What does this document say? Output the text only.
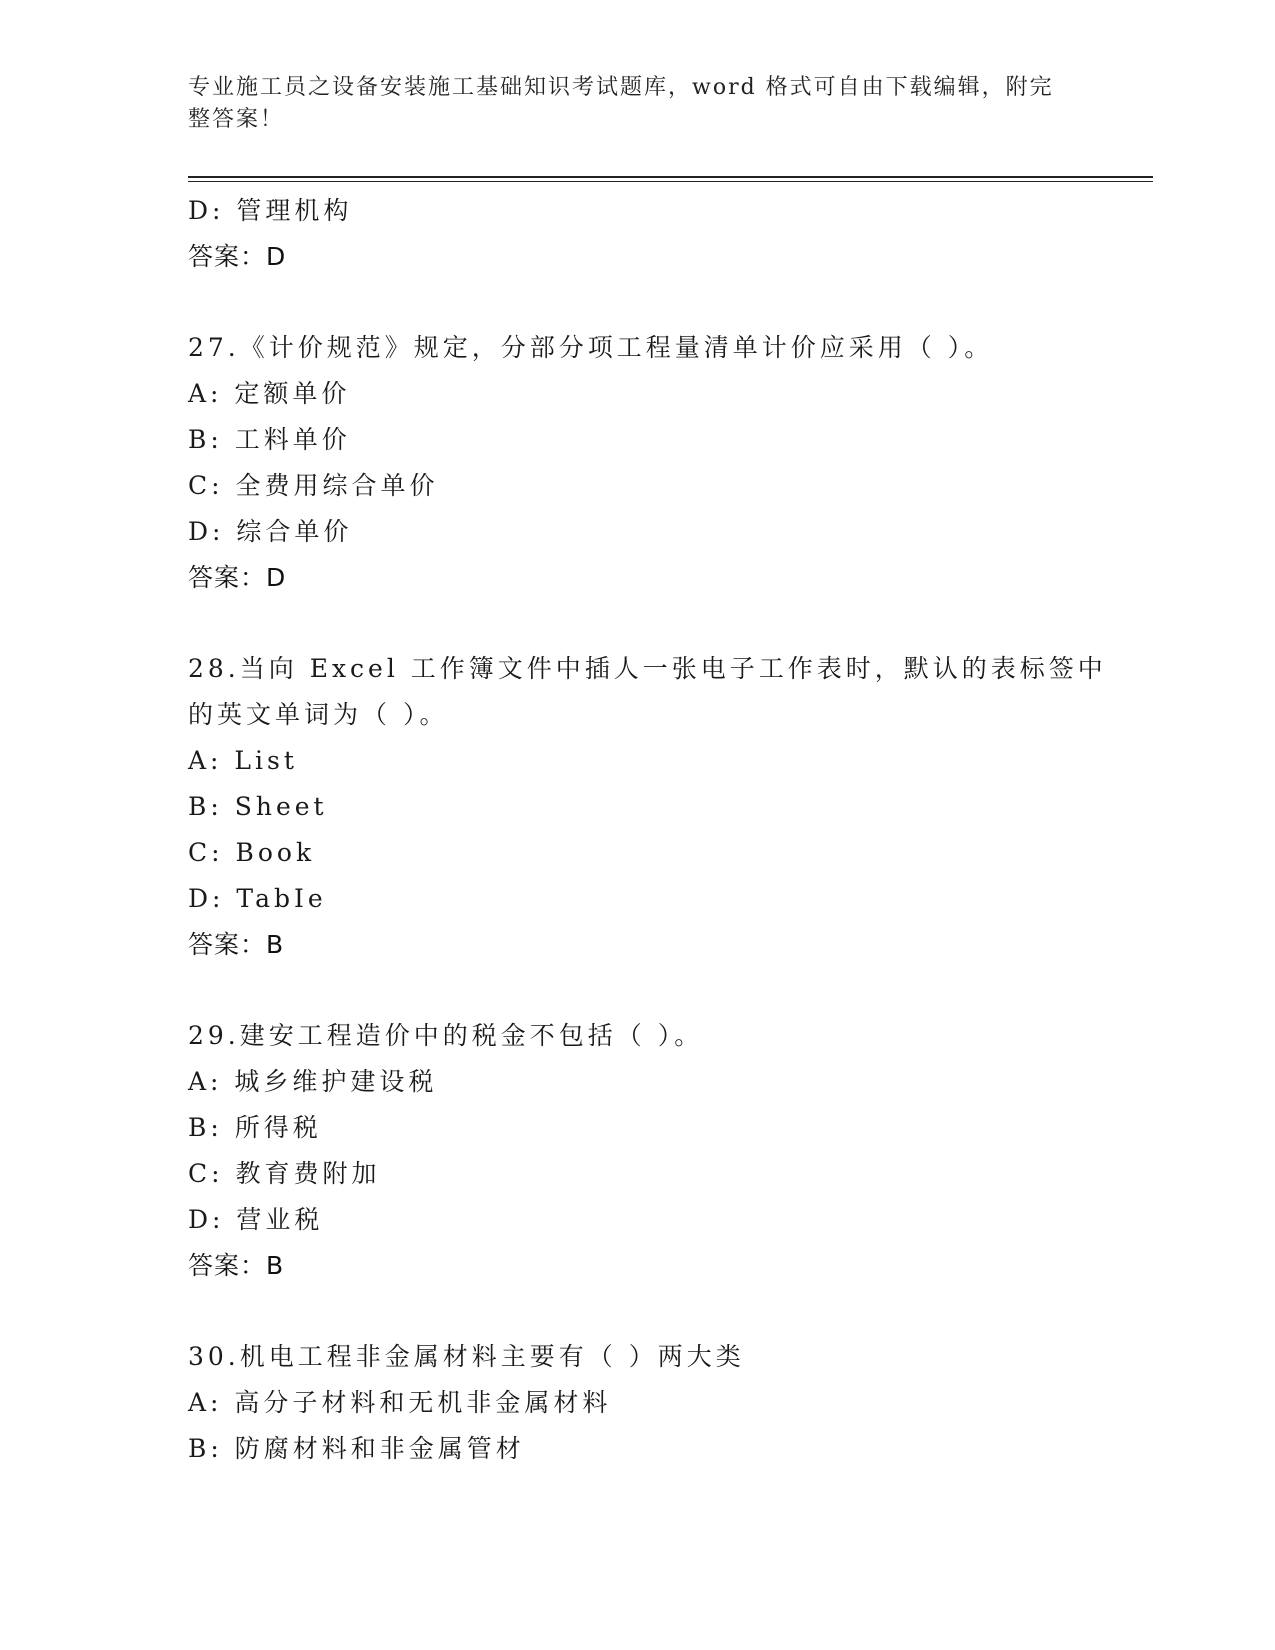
专业施工员之设备安装施工基础知识考试题库，word 格式可自由下载编辑，附完
整答案！
D: 管理机构
答案：D
27.《计价规范》规定，分部分项工程量清单计价应采用（ ）。
A: 定额单价
B: 工料单价
C: 全费用综合单价
D: 综合单价
答案：D
28.当向 Excel 工作簿文件中插人一张电子工作表时，默认的表标签中
的英文单词为（ ）。
A: List
B: Sheet
C: Book
D: TabIe
答案：B
29.建安工程造价中的税金不包括（ ）。
A: 城乡维护建设税
B: 所得税
C: 教育费附加
D: 营业税
答案：B
30.机电工程非金属材料主要有（ ）两大类
A: 高分子材料和无机非金属材料
B: 防腐材料和非金属管材
